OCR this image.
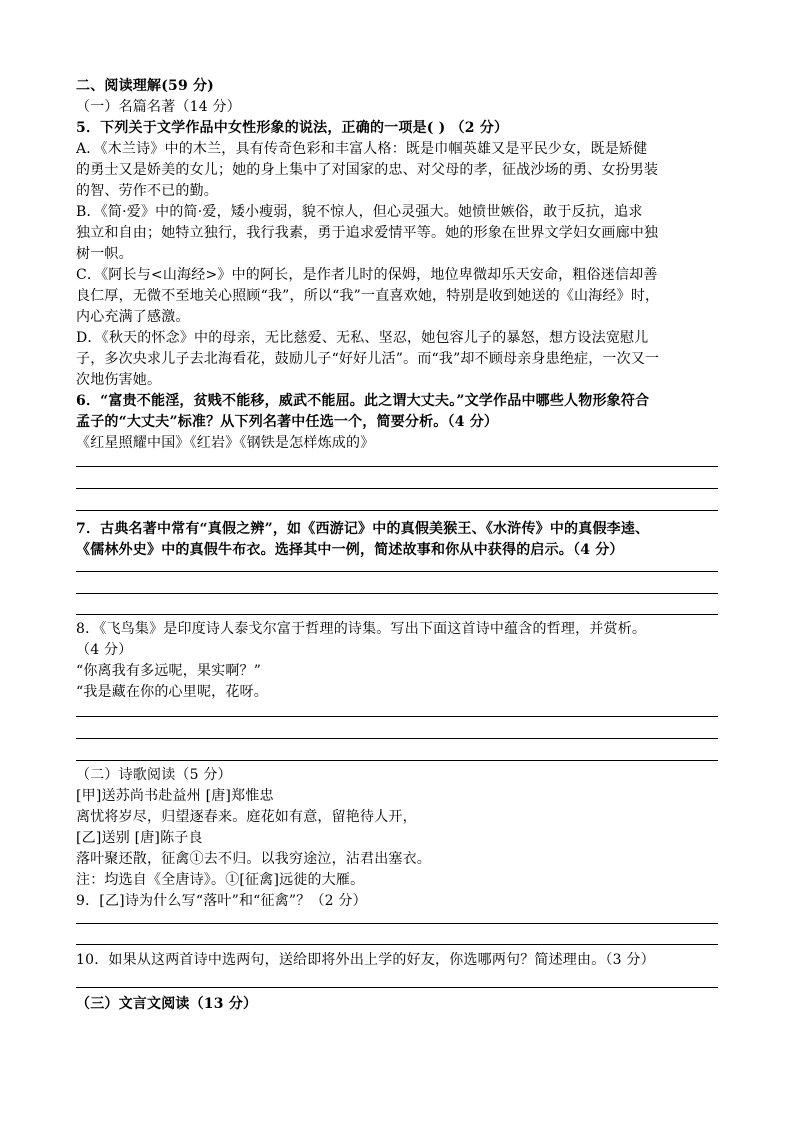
二、阅读理解(59 分)
（一）名篇名著（14 分）
5．下列关于文学作品中女性形象的说法，正确的一项是( ) （2 分）
A．《木兰诗》中的木兰，具有传奇色彩和丰富人格：既是巾帼英雄又是平民少女，既是矫健
的勇士又是娇美的女儿；她的身上集中了对国家的忠、对父母的孝，征战沙场的勇、女扮男装
的智、劳作不已的勤。
B．《简·爱》中的简·爱，矮小瘦弱，貌不惊人，但心灵强大。她愤世嫉俗，敢于反抗，追求
独立和自由；她特立独行，我行我素，勇于追求爱情平等。她的形象在世界文学妇女画廊中独
树一帜。
C．《阿长与<山海经>》中的阿长，是作者儿时的保姆，地位卑微却乐天安命，粗俗迷信却善
良仁厚，无微不至地关心照顾“我”，所以“我”一直喜欢她，特别是收到她送的《山海经》时，
内心充满了感激。
D．《秋天的怀念》中的母亲，无比慈爱、无私、坚忍，她包容儿子的暴怒，想方设法宽慰儿
子，多次央求儿子去北海看花，鼓励儿子“好好儿活”。而“我”却不顾母亲身患绝症，一次又一
次地伤害她。
6．“富贵不能淫，贫贱不能移，威武不能屈。此之谓大丈夫。”文学作品中哪些人物形象符合
孟子的“大丈夫”标准？从下列名著中任选一个，简要分析。（4 分）
《红星照耀中国》《红岩》《钢铁是怎样炼成的》
7．古典名著中常有“真假之辨”，如《西游记》中的真假美猴王、《水浒传》中的真假李逵、
《儒林外史》中的真假牛布衣。选择其中一例，简述故事和你从中获得的启示。（4 分）
8．《飞鸟集》是印度诗人泰戈尔富于哲理的诗集。写出下面这首诗中蕴含的哲理，并赏析。
（4 分）
“你离我有多远呢，果实啊？”
“我是藏在你的心里呢，花呀。
（二）诗歌阅读（5 分）
[甲]送苏尚书赴益州 [唐]郑惟忠
离忧将岁尽，归望逐春来。庭花如有意，留艳待人开，
[乙]送别 [唐]陈子良
落叶聚还散，征禽①去不归。以我穷途泣，沾君出塞衣。
注：均选自《全唐诗》。①[征禽]远徙的大雁。
9．[乙]诗为什么写“落叶”和“征禽”？（2 分）
10．如果从这两首诗中选两句，送给即将外出上学的好友，你选哪两句？简述理由。（3 分）
（三）文言文阅读（13 分）
